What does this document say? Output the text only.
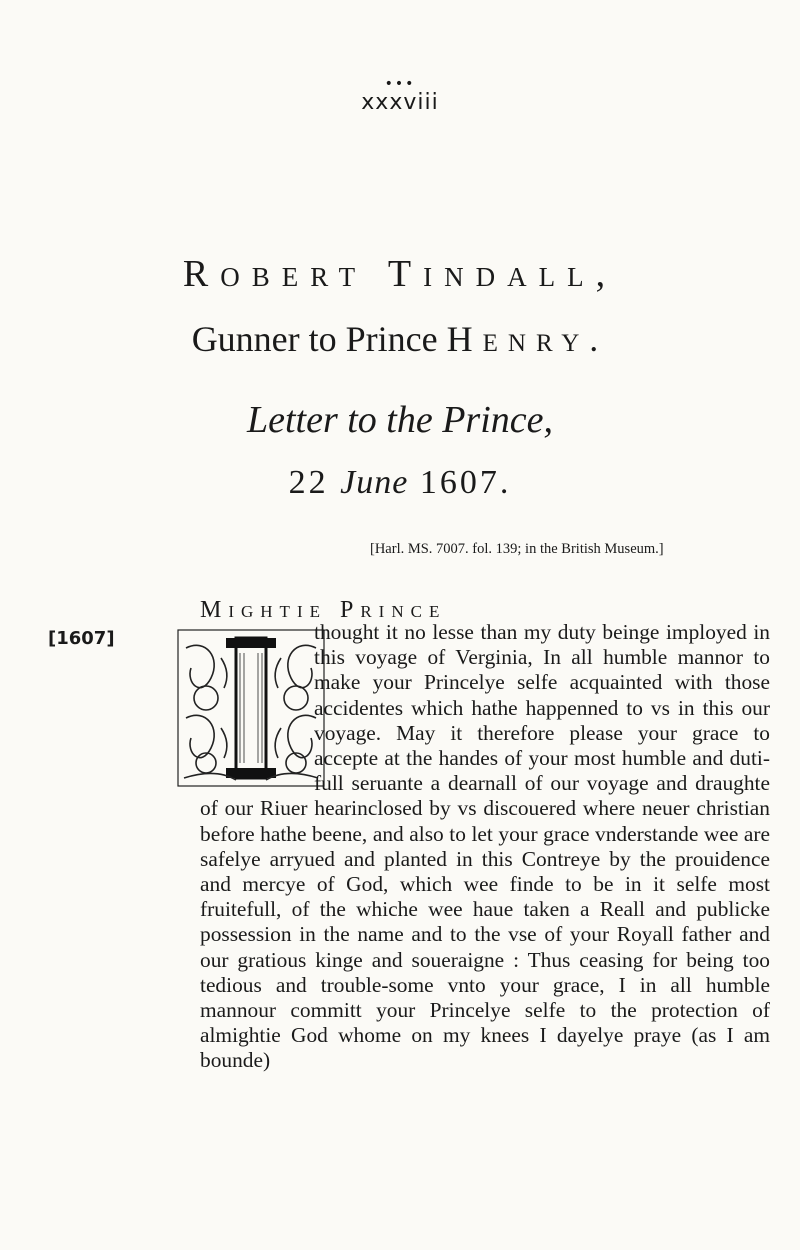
•••
xxxviii
Robert Tindall,
Gunner to Prince Henry.
Letter to the Prince,
22 June 1607.
[Harl. MS. 7007. fol. 139; in the British Museum.]
[1607]
Mightie Prince

thought it no lesse than my duty beinge imployed in this voyage of Verginia, In all humble mannor to make your Princelye selfe acquainted with those accidentes which hathe happenned to vs in this our voyage. May it therefore please your grace to accepte at the handes of your most humble and duti-full seruante a dearnall of our voyage and draughte of our Riuer hearinclosed by vs discouered where neuer christian before hathe beene, and also to let your grace vnderstande wee are safelye arryued and planted in this Contreye by the prouidence and mercye of God, which wee finde to be in it selfe most fruitefull, of the whiche wee haue taken a Reall and publicke possession in the name and to the vse of your Royall father and our gratious kinge and soueraigne : Thus ceasing for being too tedious and trouble-some vnto your grace, I in all humble mannour committ your Princelye selfe to the protection of almightie God whome on my knees I dayelye praye (as I am bounde)
